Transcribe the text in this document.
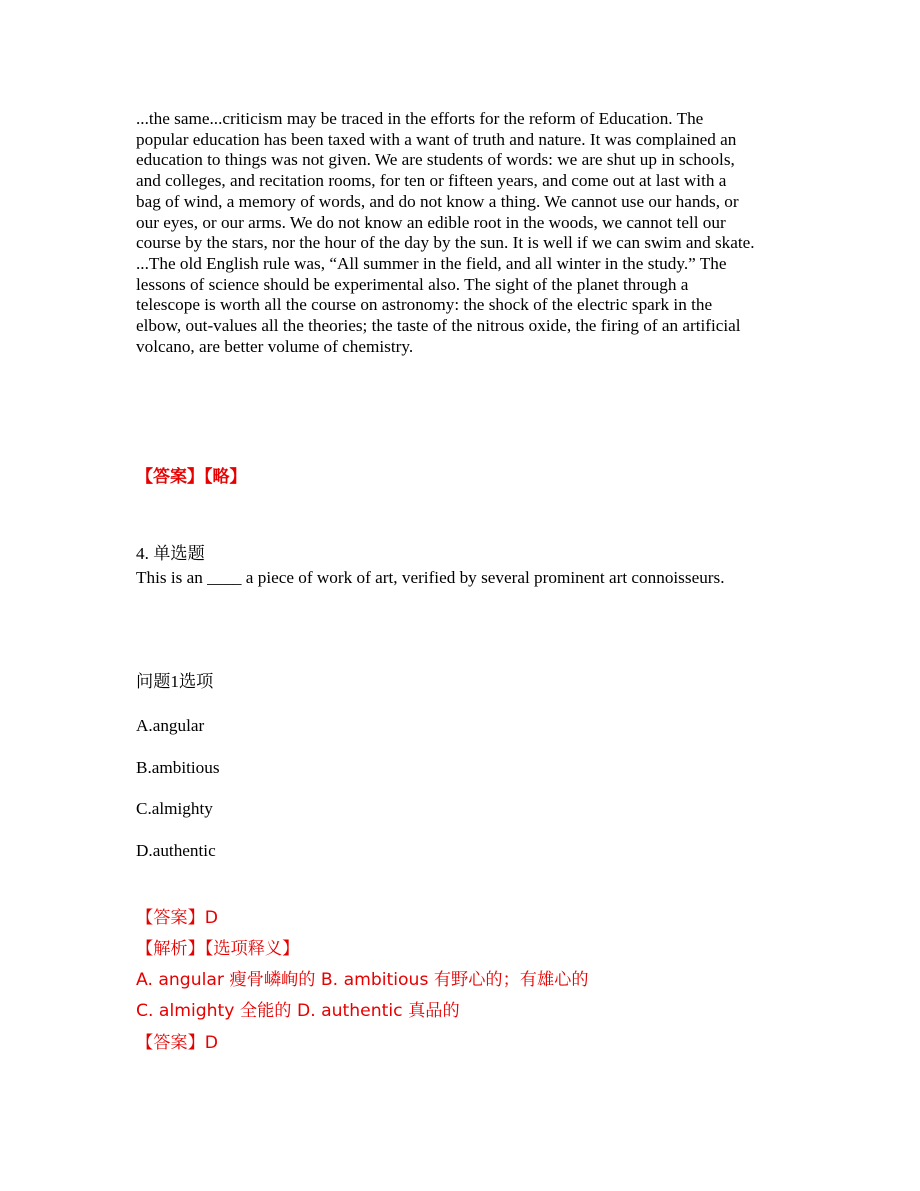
...the same...criticism may be traced in the efforts for the reform of Education. The
popular education has been taxed with a want of truth and nature. It was complained an
education to things was not given. We are students of words: we are shut up in schools,
and colleges, and recitation rooms, for ten or fifteen years, and come out at last with a
bag of wind, a memory of words, and do not know a thing. We cannot use our hands, or
our eyes, or our arms. We do not know an edible root in the woods, we cannot tell our
course by the stars, nor the hour of the day by the sun. It is well if we can swim and skate.
...The old English rule was, “All summer in the field, and all winter in the study.” The
lessons of science should be experimental also. The sight of the planet through a
telescope is worth all the course on astronomy: the shock of the electric spark in the
elbow, out-values all the theories; the taste of the nitrous oxide, the firing of an artificial
volcano, are better volume of chemistry.
【答案】【略】
4. 单选题
This is an ____ a piece of work of art, verified by several prominent art connoisseurs.
问题1选项
A.angular
B.ambitious
C.almighty
D.authentic
【答案】D
【解析】【选项释义】
A. angular 瘦骨嶙峋的 B. ambitious 有野心的；有雄心的
C. almighty 全能的 D. authentic 真品的
【答案】D
